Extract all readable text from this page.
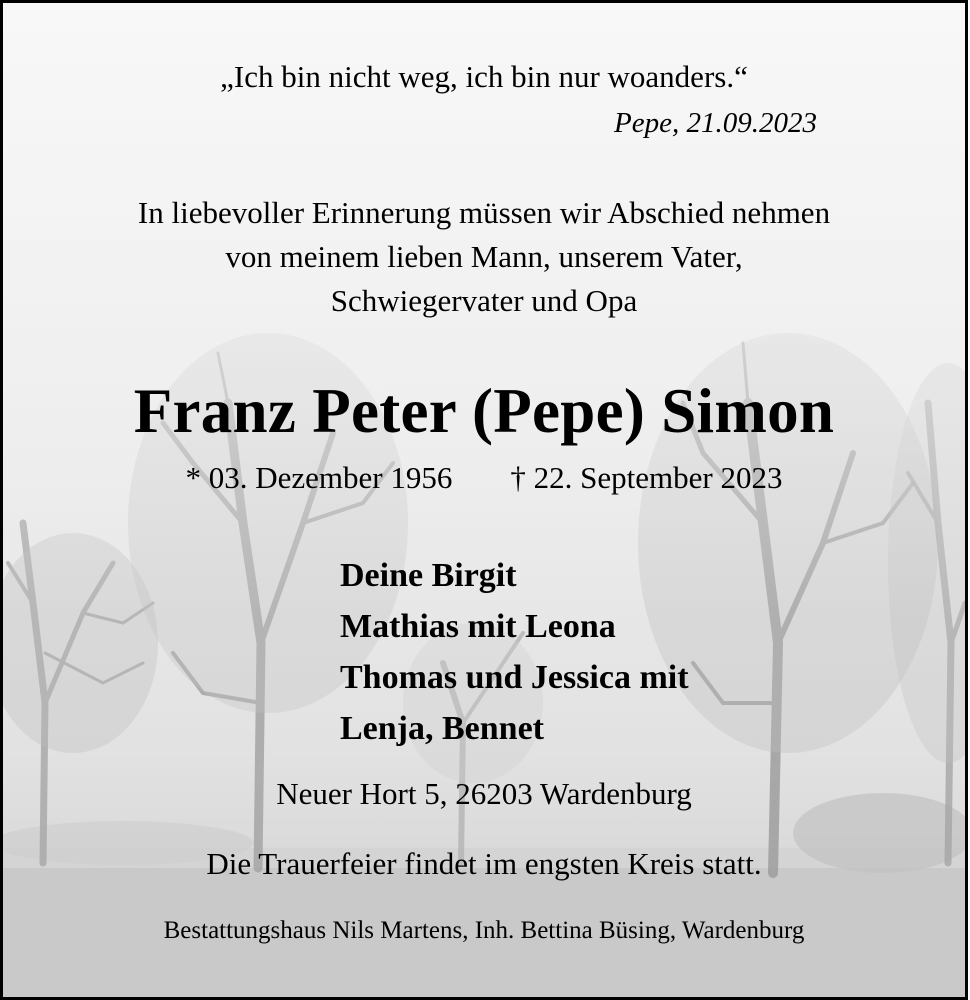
„Ich bin nicht weg, ich bin nur woanders.“
Pepe, 21.09.2023
In liebevoller Erinnerung müssen wir Abschied nehmen
von meinem lieben Mann, unserem Vater,
Schwiegervater und Opa
Franz Peter (Pepe) Simon
* 03. Dezember 1956 † 22. September 2023
Deine Birgit
Mathias mit Leona
Thomas und Jessica mit
Lenja, Bennet
Neuer Hort 5, 26203 Wardenburg
Die Trauerfeier findet im engsten Kreis statt.
Bestattungshaus Nils Martens, Inh. Bettina Büsing, Wardenburg
